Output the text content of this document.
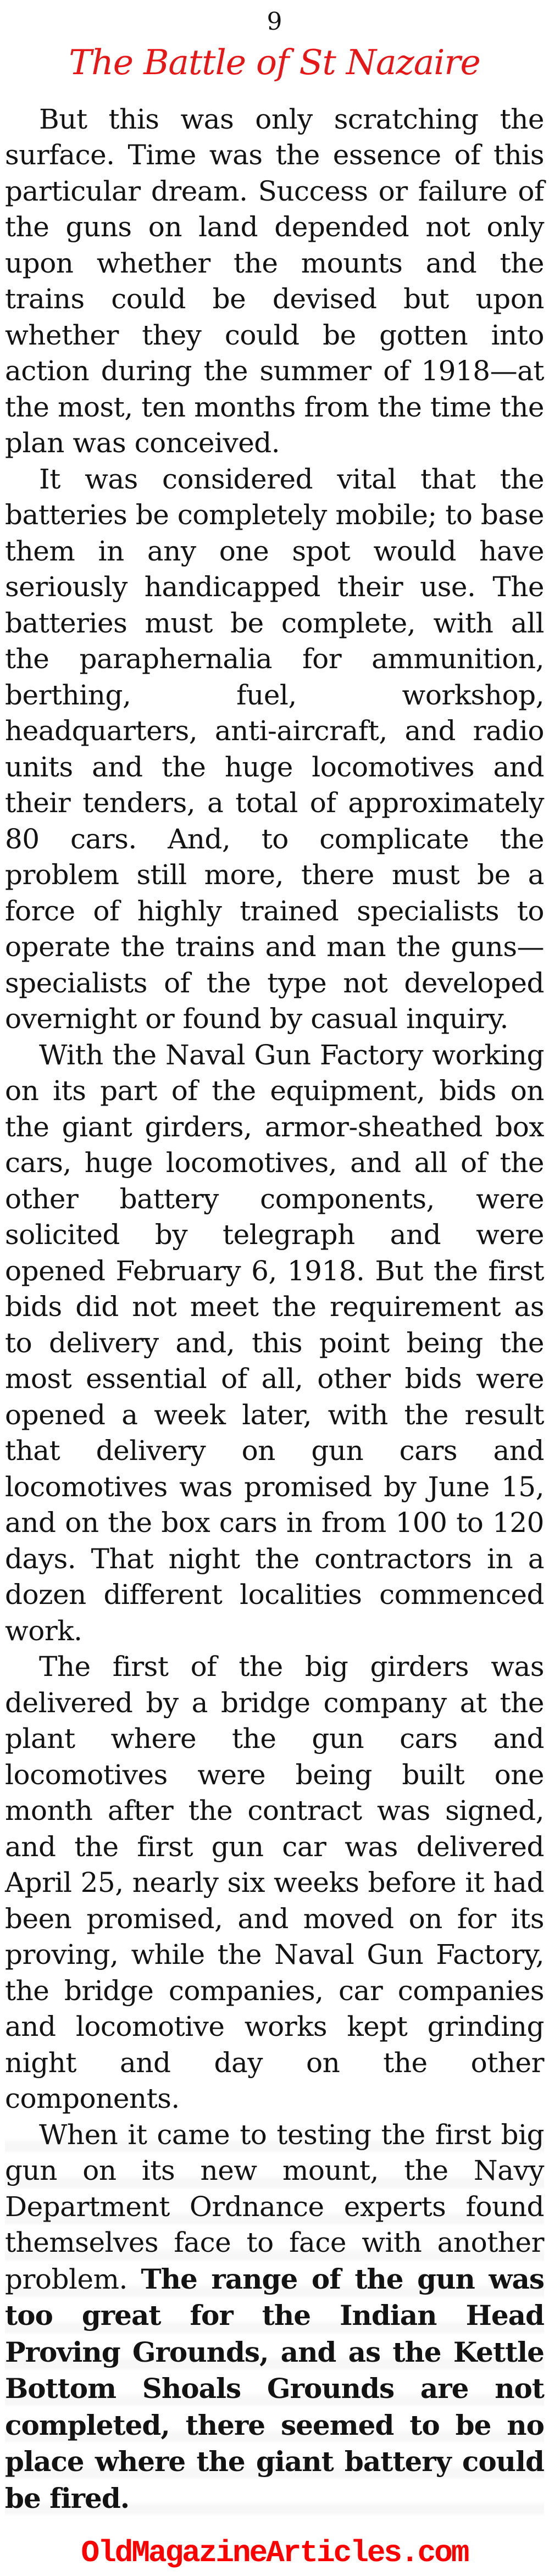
9
The Battle of St Nazaire

But this was only scratching the surface. Time was the essence of this particular dream. Success or failure of the guns on land depended not only upon whether the mounts and the trains could be devised but upon whether they could be gotten into action during the summer of 1918—at the most, ten months from the time the plan was conceived.

It was considered vital that the batteries be completely mobile; to base them in any one spot would have seriously handicapped their use. The batteries must be complete, with all the paraphernalia for ammunition, berthing, fuel, workshop, headquarters, anti-aircraft, and radio units and the huge locomotives and their tenders, a total of approximately 80 cars. And, to complicate the problem still more, there must be a force of highly trained specialists to operate the trains and man the guns—specialists of the type not developed overnight or found by casual inquiry.

With the Naval Gun Factory working on its part of the equipment, bids on the giant girders, armor-sheathed box cars, huge locomotives, and all of the other battery components, were solicited by telegraph and were opened February 6, 1918. But the first bids did not meet the requirement as to delivery and, this point being the most essential of all, other bids were opened a week later, with the result that delivery on gun cars and locomotives was promised by June 15, and on the box cars in from 100 to 120 days. That night the contractors in a dozen different localities commenced work.

The first of the big girders was delivered by a bridge company at the plant where the gun cars and locomotives were being built one month after the contract was signed, and the first gun car was delivered April 25, nearly six weeks before it had been promised, and moved on for its proving, while the Naval Gun Factory, the bridge companies, car companies and locomotive works kept grinding night and day on the other components.

When it came to testing the first big gun on its new mount, the Navy Department Ordnance experts found themselves face to face with another problem. The range of the gun was too great for the Indian Head Proving Grounds, and as the Kettle Bottom Shoals Grounds are not completed, there seemed to be no place where the giant battery could be fired.

OldMagazineArticles.com
